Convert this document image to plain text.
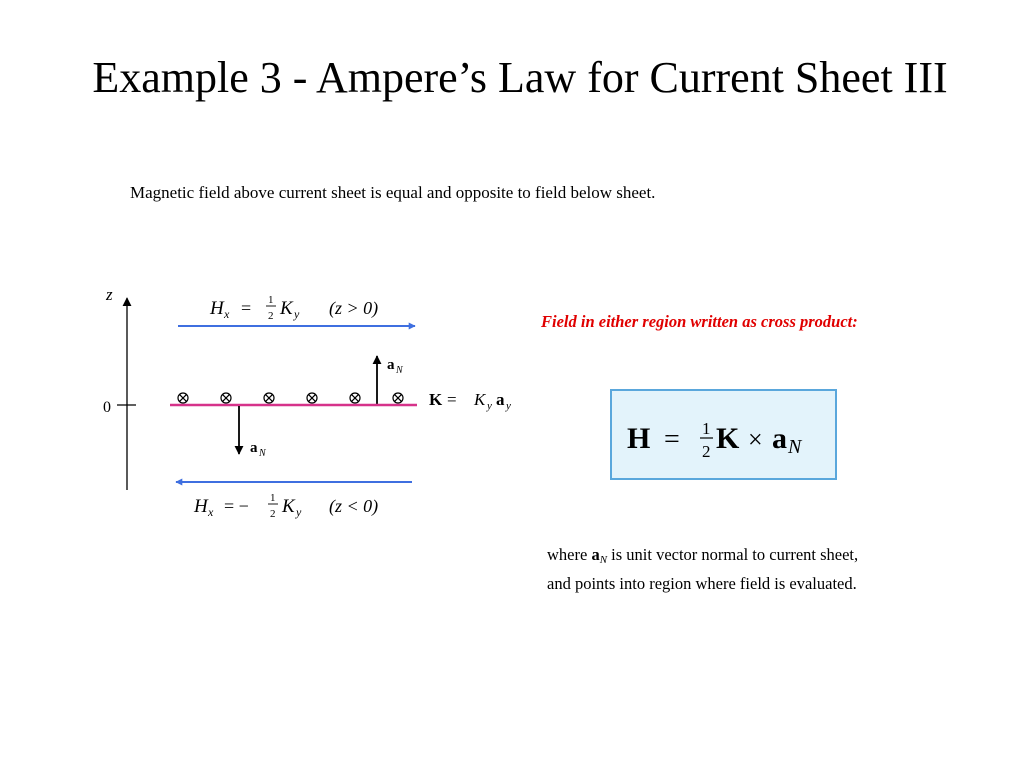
Example 3 - Ampere’s Law for Current Sheet III
Magnetic field above current sheet is equal and opposite to field below sheet.
z
0
H x = 1
2 K y (z > 0)
a N
K = K y a y
a N
H x = − 1
2 K y (z < 0)
Field in either region written as cross product:
H = 1
2 K × a N
where $a_N$ is unit vector normal to current sheet,
and points into region where field is evaluated.
